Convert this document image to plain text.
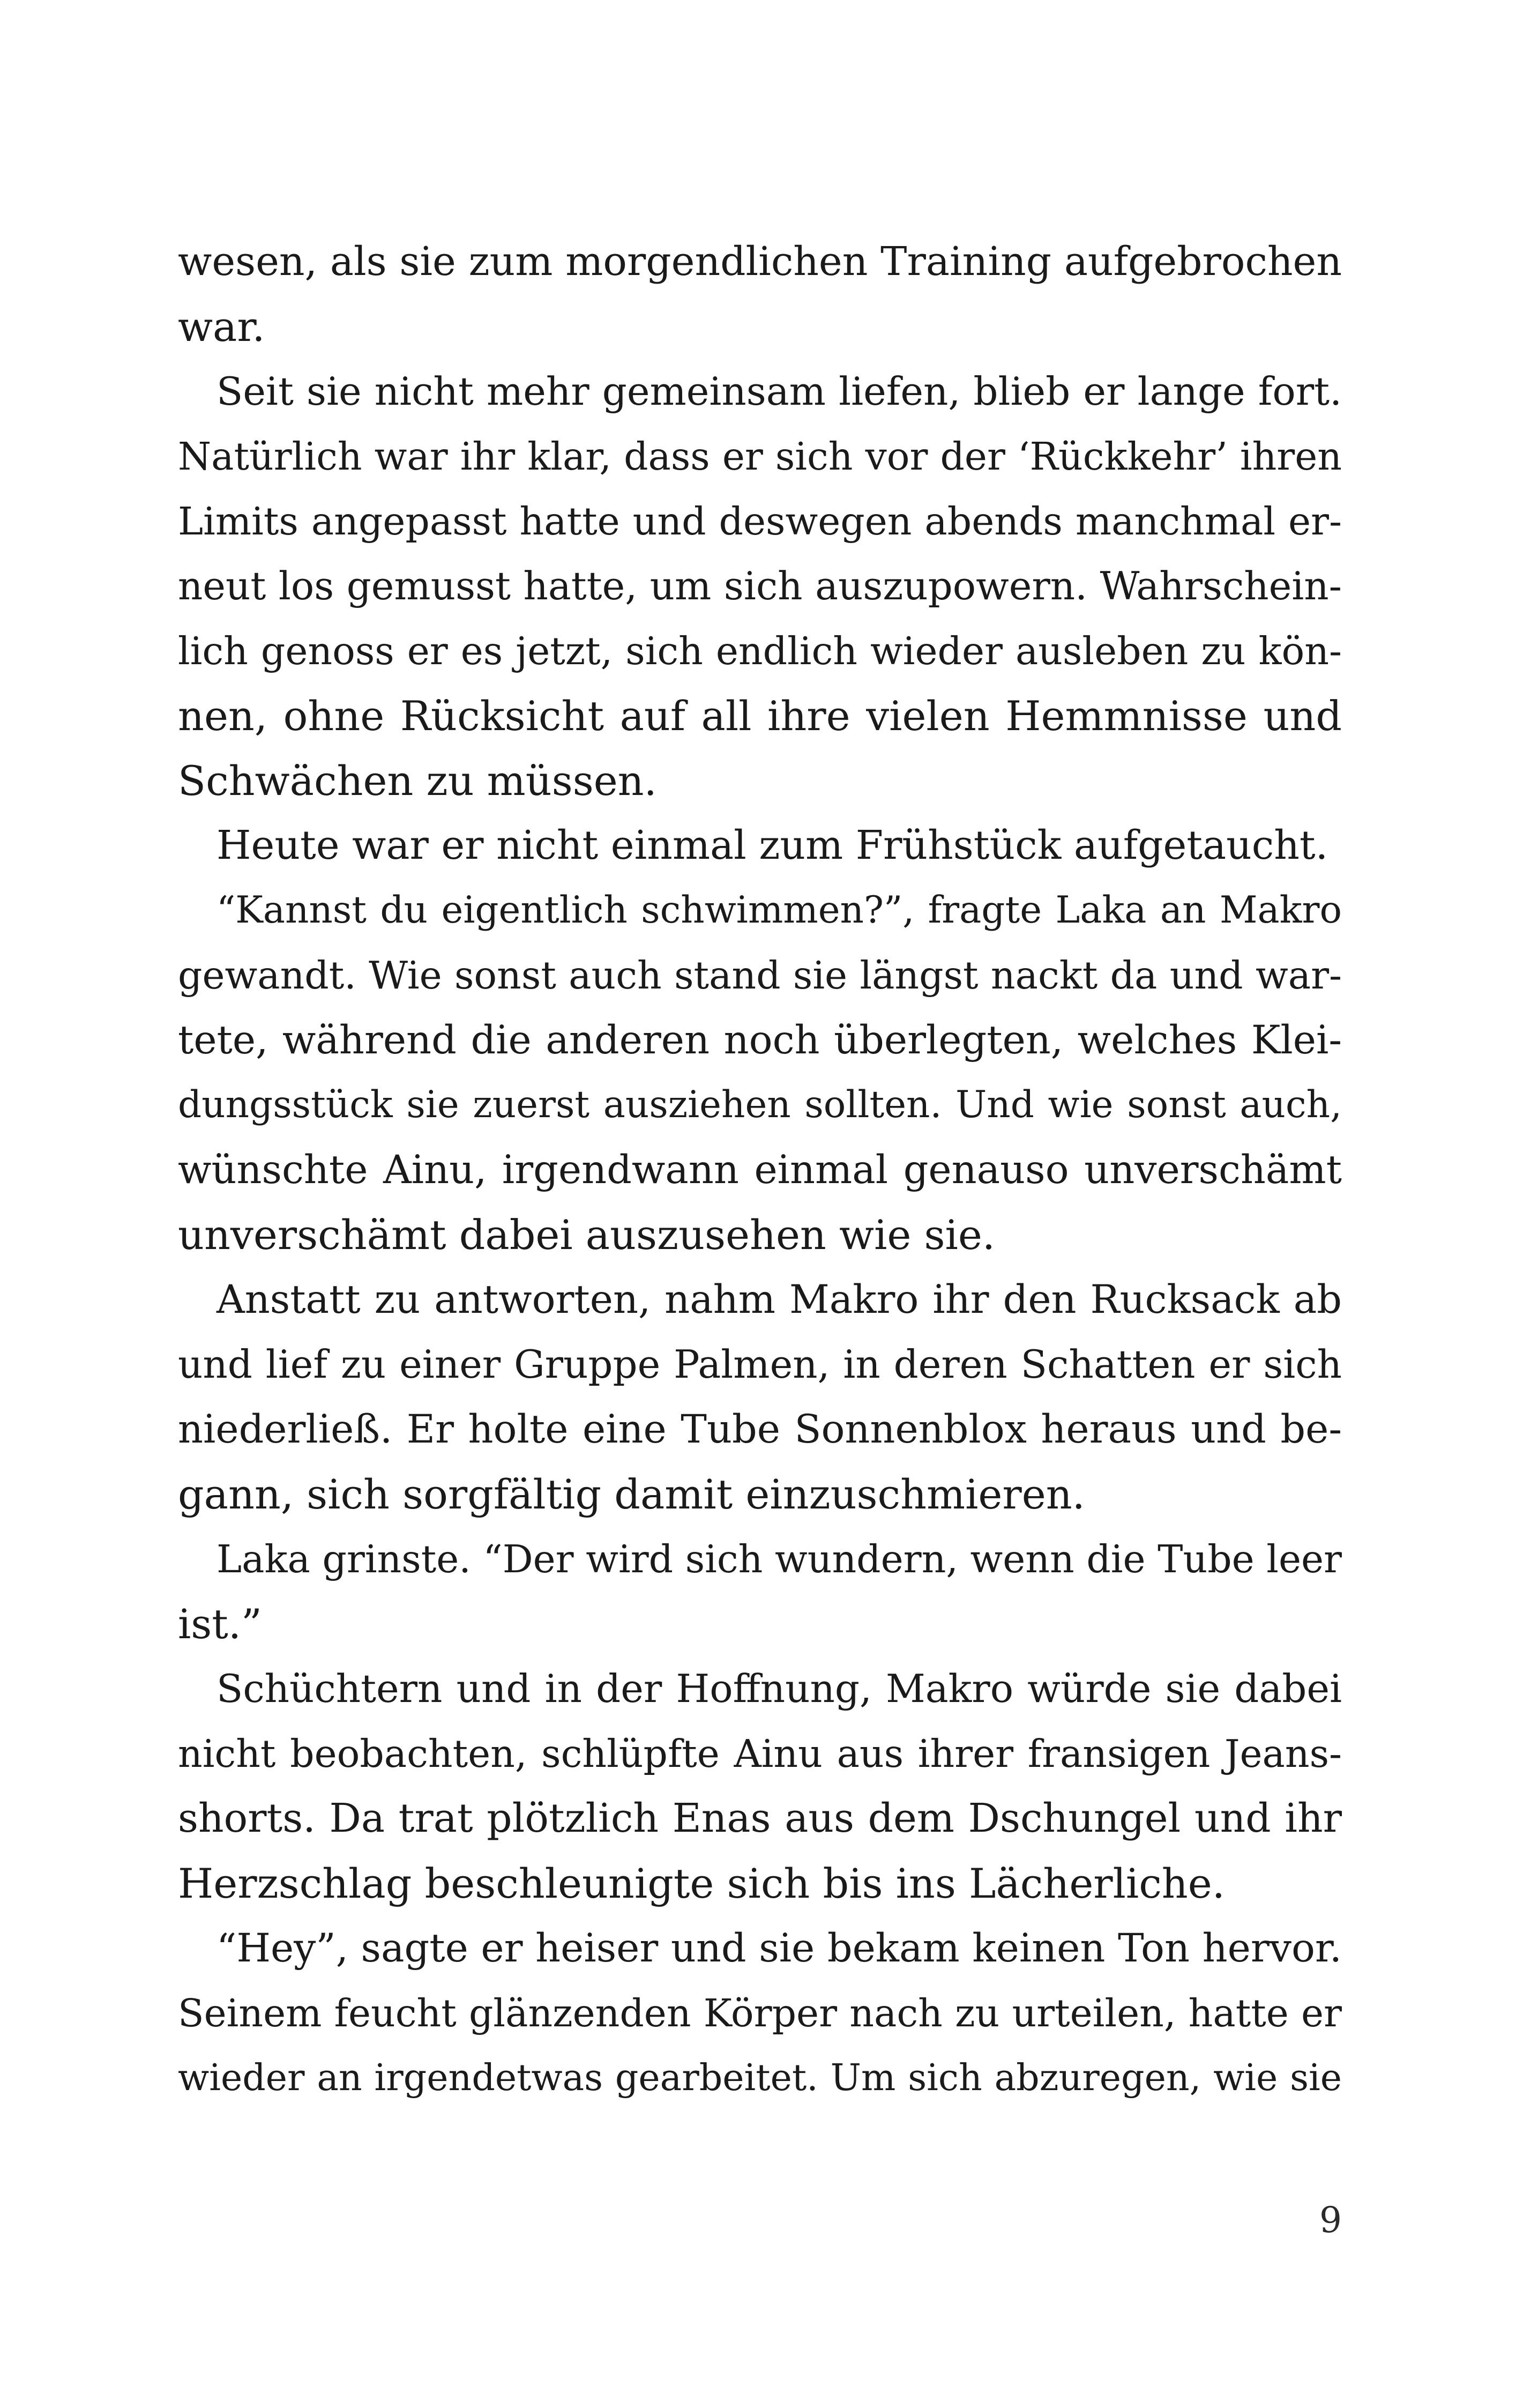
wesen, als sie zum morgendlichen Training aufgebrochen
war.
Seit sie nicht mehr gemeinsam liefen, blieb er lange fort.
Natürlich war ihr klar, dass er sich vor der ‘Rückkehr’ ihren
Limits angepasst hatte und deswegen abends manchmal er-
neut los gemusst hatte, um sich auszupowern. Wahrschein-
lich genoss er es jetzt, sich endlich wieder ausleben zu kön-
nen, ohne Rücksicht auf all ihre vielen Hemmnisse und
Schwächen zu müssen.
Heute war er nicht einmal zum Frühstück aufgetaucht.
“Kannst du eigentlich schwimmen?”, fragte Laka an Makro
gewandt. Wie sonst auch stand sie längst nackt da und war-
tete, während die anderen noch überlegten, welches Klei-
dungsstück sie zuerst ausziehen sollten. Und wie sonst auch,
wünschte Ainu, irgendwann einmal genauso unverschämt
unverschämt dabei auszusehen wie sie.
Anstatt zu antworten, nahm Makro ihr den Rucksack ab
und lief zu einer Gruppe Palmen, in deren Schatten er sich
niederließ. Er holte eine Tube Sonnenblox heraus und be-
gann, sich sorgfältig damit einzuschmieren.
Laka grinste. “Der wird sich wundern, wenn die Tube leer
ist.”
Schüchtern und in der Hoffnung, Makro würde sie dabei
nicht beobachten, schlüpfte Ainu aus ihrer fransigen Jeans-
shorts. Da trat plötzlich Enas aus dem Dschungel und ihr
Herzschlag beschleunigte sich bis ins Lächerliche.
“Hey”, sagte er heiser und sie bekam keinen Ton hervor.
Seinem feucht glänzenden Körper nach zu urteilen, hatte er
wieder an irgendetwas gearbeitet. Um sich abzuregen, wie sie
9
